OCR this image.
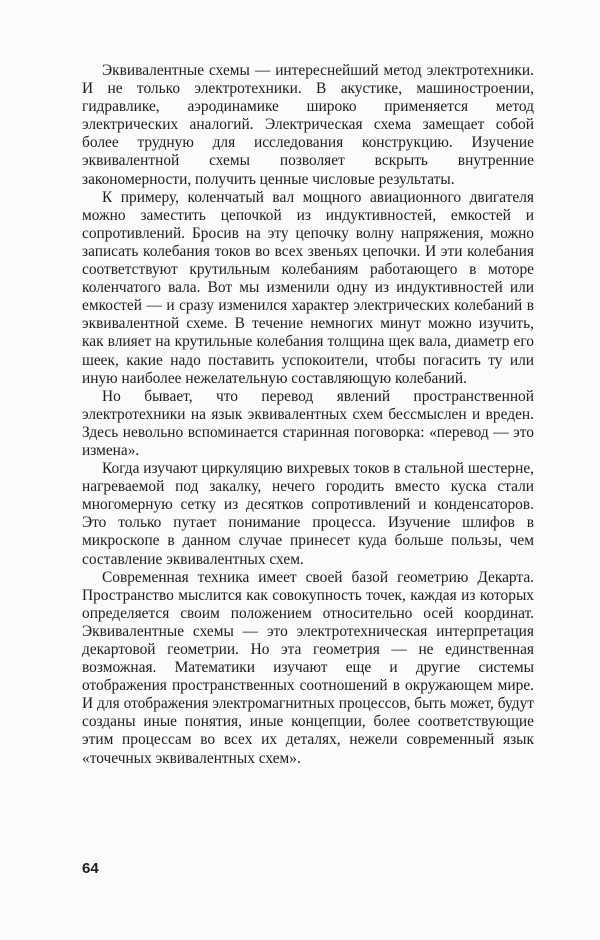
Эквивалентные схемы — интереснейший метод электротехники. И не только электротехники. В акустике, машиностроении, гидравлике, аэродинамике широко применяется метод электрических аналогий. Электрическая схема замещает собой более трудную для исследования конструкцию. Изучение эквивалентной схемы позволяет вскрыть внутренние закономерности, получить ценные числовые результаты.

К примеру, коленчатый вал мощного авиационного двигателя можно заместить цепочкой из индуктивностей, емкостей и сопротивлений. Бросив на эту цепочку волну напряжения, можно записать колебания токов во всех звеньях цепочки. И эти колебания соответствуют крутильным колебаниям работающего в моторе коленчатого вала. Вот мы изменили одну из индуктивностей или емкостей — и сразу изменился характер электрических колебаний в эквивалентной схеме. В течение немногих минут можно изучить, как влияет на крутильные колебания толщина щек вала, диаметр его шеек, какие надо поставить успокоители, чтобы погасить ту или иную наиболее нежелательную составляющую колебаний.

Но бывает, что перевод явлений пространственной электротехники на язык эквивалентных схем бессмыслен и вреден. Здесь невольно вспоминается старинная поговорка: «перевод — это измена».

Когда изучают циркуляцию вихревых токов в стальной шестерне, нагреваемой под закалку, нечего городить вместо куска стали многомерную сетку из десятков сопротивлений и конденсаторов. Это только путает понимание процесса. Изучение шлифов в микроскопе в данном случае принесет куда больше пользы, чем составление эквивалентных схем.

Современная техника имеет своей базой геометрию Декарта. Пространство мыслится как совокупность точек, каждая из которых определяется своим положением относительно осей координат. Эквивалентные схемы — это электротехническая интерпретация декартовой геометрии. Но эта геометрия — не единственная возможная. Математики изучают еще и другие системы отображения пространственных соотношений в окружающем мире. И для отображения электромагнитных процессов, быть может, будут созданы иные понятия, иные концепции, более соответствующие этим процессам во всех их деталях, нежели современный язык «точечных эквивалентных схем».

64
